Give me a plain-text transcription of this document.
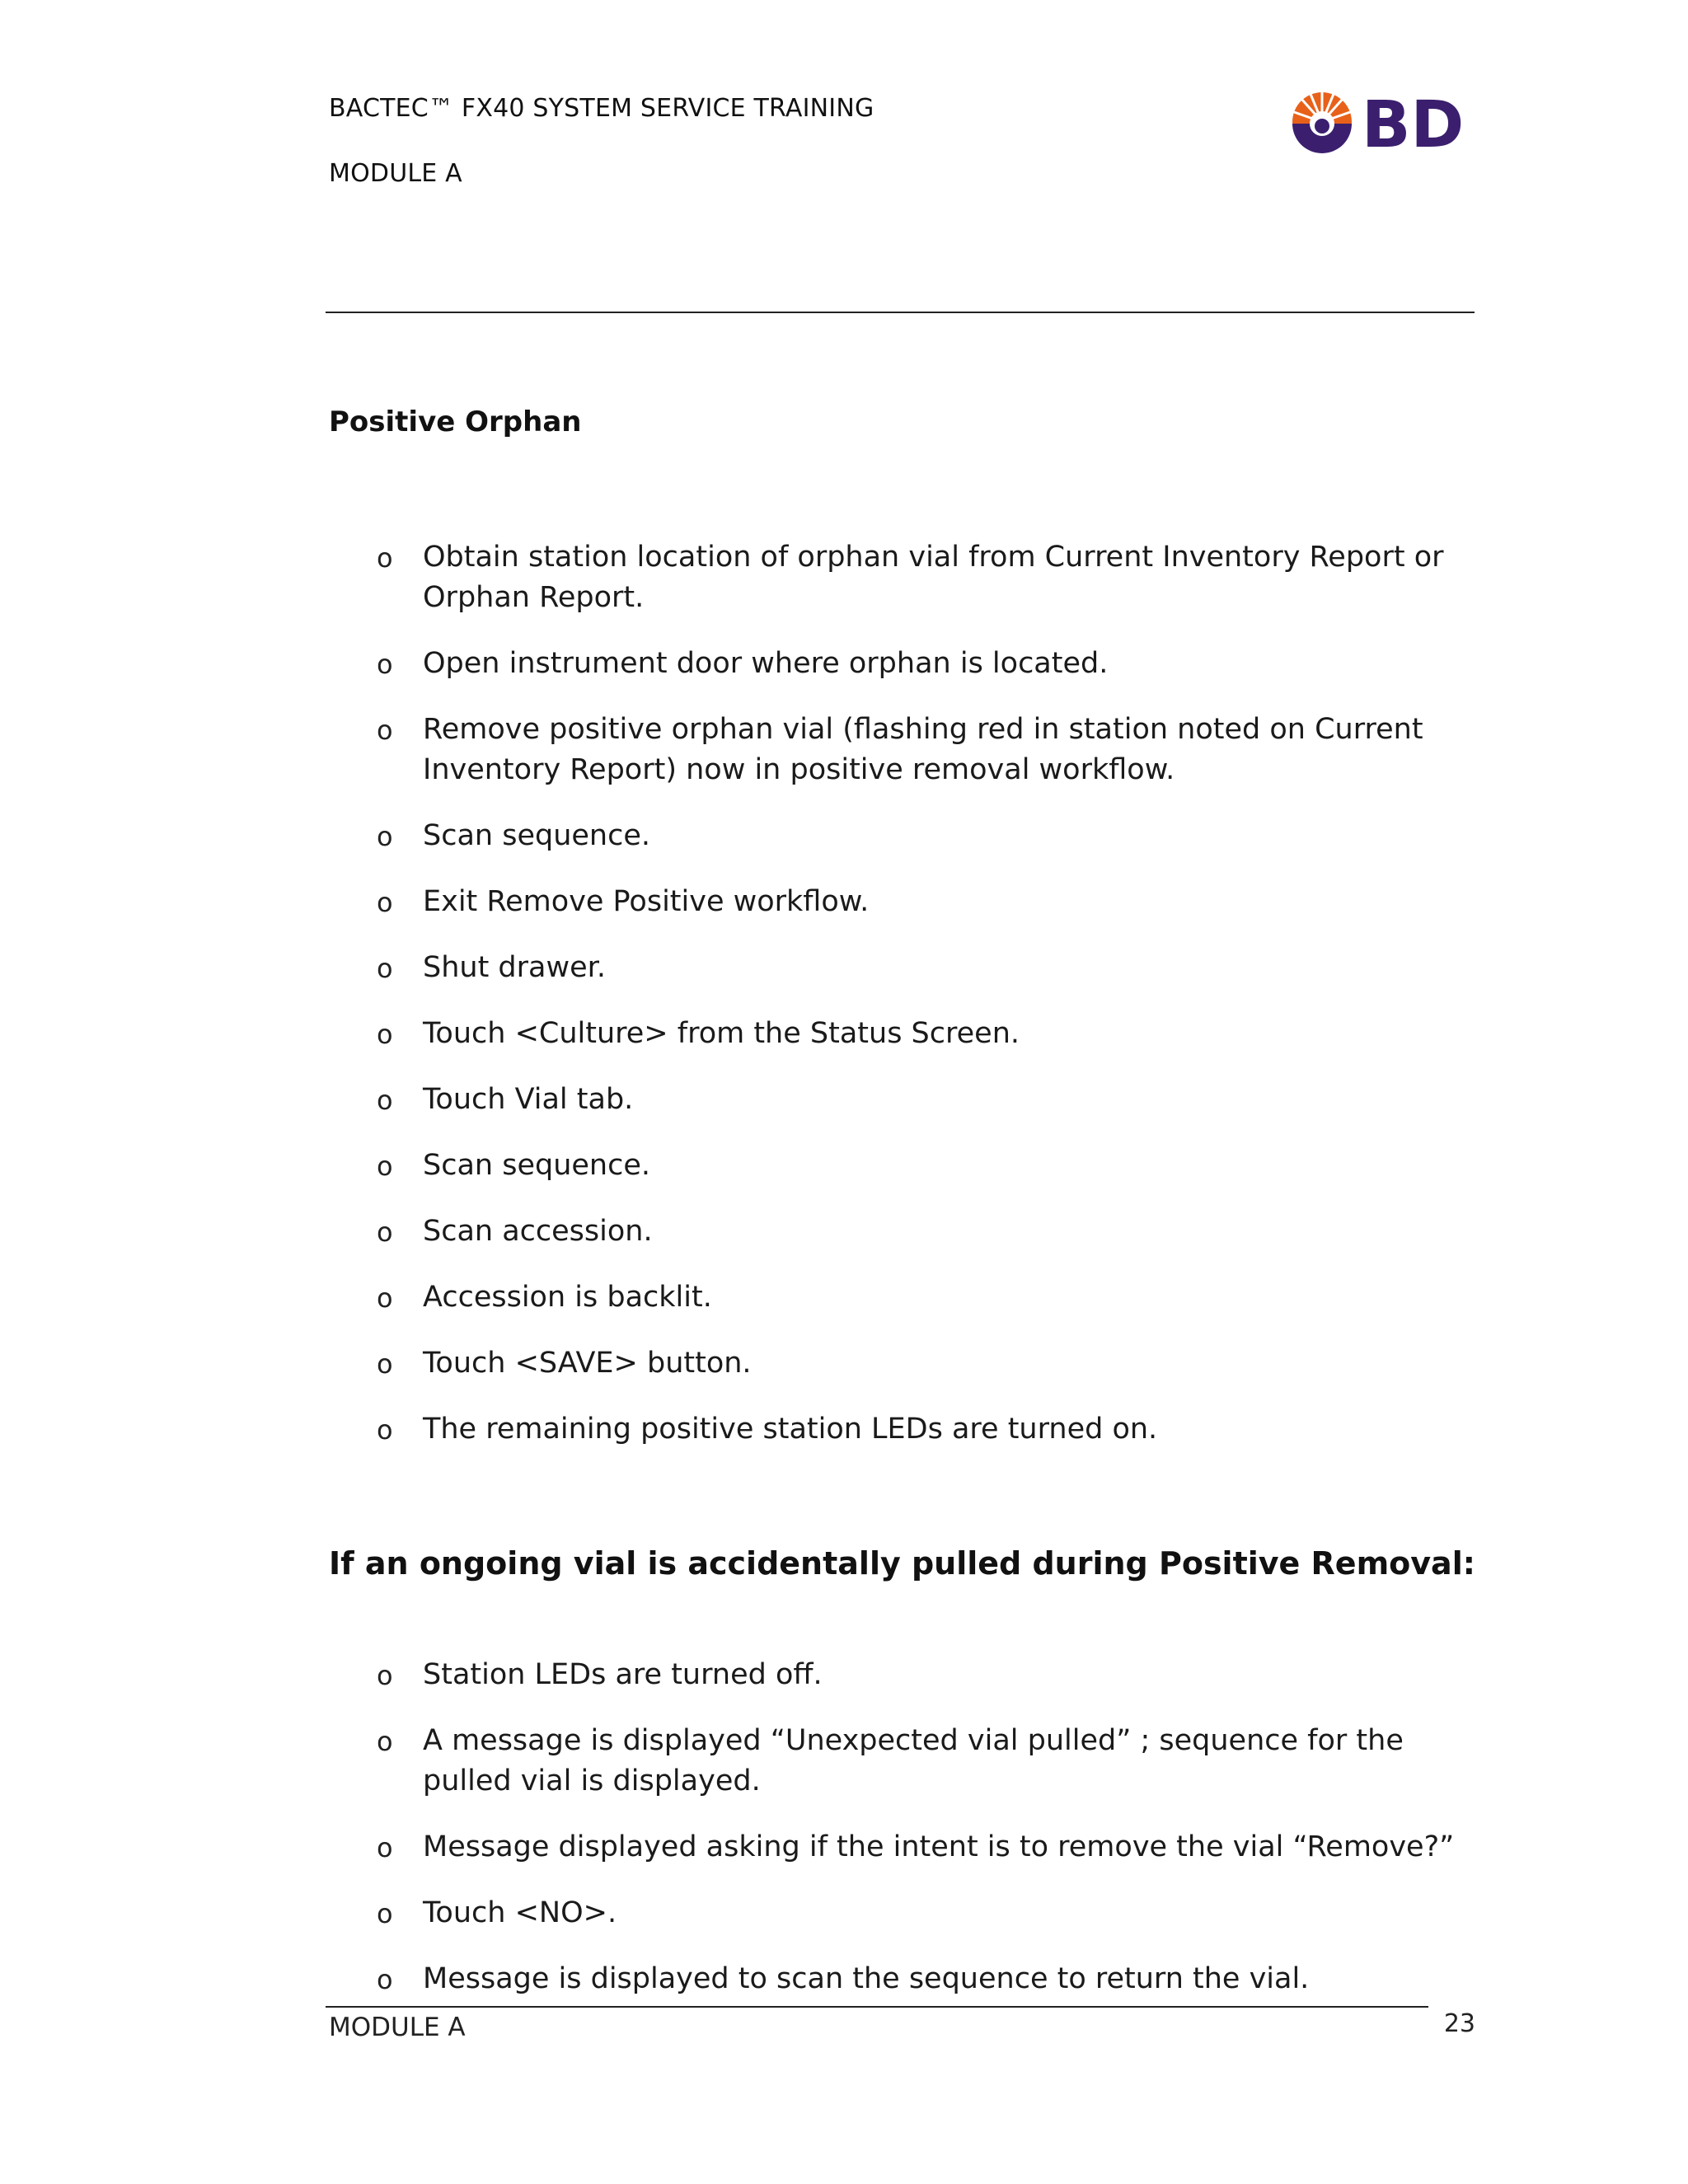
BACTEC™ FX40 SYSTEM SERVICE TRAINING
MODULE A
BD
Positive Orphan
o Obtain station location of orphan vial from Current Inventory Report or Orphan Report.
o Open instrument door where orphan is located.
o Remove positive orphan vial (flashing red in station noted on Current Inventory Report) now in positive removal workflow.
o Scan sequence.
o Exit Remove Positive workflow.
o Shut drawer.
o Touch <Culture> from the Status Screen.
o Touch Vial tab.
o Scan sequence.
o Scan accession.
o Accession is backlit.
o Touch <SAVE> button.
o The remaining positive station LEDs are turned on.
If an ongoing vial is accidentally pulled during Positive Removal:
o Station LEDs are turned off.
o A message is displayed “Unexpected vial pulled” ; sequence for the pulled vial is displayed.
o Message displayed asking if the intent is to remove the vial “Remove?”
o Touch <NO>.
o Message is displayed to scan the sequence to return the vial.
MODULE A	23
